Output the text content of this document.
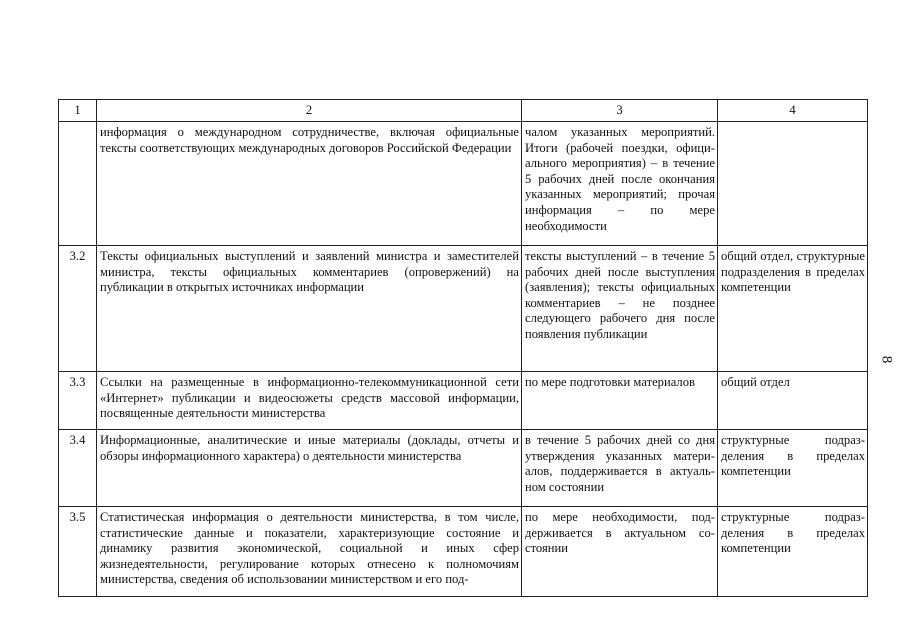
1	2	3	4
	информация о международном сотрудничестве, включая официальные тексты соответствующих международных договоров Российской Федерации	чалом указанных мероприятий. Итоги (рабочей поездки, официального мероприятия) – в течение 5 рабочих дней после окончания указанных мероприятий; прочая информация – по мере необходимости	
3.2	Тексты официальных выступлений и заявлений министра и заместителей министра, тексты официальных комментариев (опровержений) на публикации в открытых источниках информации	тексты выступлений – в течение 5 рабочих дней после выступления (заявления); тексты официальных комментариев – не позднее следующего рабочего дня после появления публикации	общий отдел, структурные подразделения в пределах компетенции
3.3	Ссылки на размещенные в информационно-телекоммуникационной сети «Интернет» публикации и видеосюжеты средств массовой информации, посвященные деятельности министерства	по мере подготовки материалов	общий отдел
3.4	Информационные, аналитические и иные материалы (доклады, отчеты и обзоры информационного характера) о деятельности министерства	в течение 5 рабочих дней со дня утверждения указанных материалов, поддерживается в актуальном состоянии	структурные подразделения в пределах компетенции
3.5	Статистическая информация о деятельности министерства, в том числе, статистические данные и показатели, характеризующие состояние и динамику развития экономической, социальной и иных сфер жизнедеятельности, регулирование которых отнесено к полномочиям министерства, сведения об использовании министерством и его под-	по мере необходимости, поддерживается в актуальном состоянии	структурные подразделения в пределах компетенции
8
